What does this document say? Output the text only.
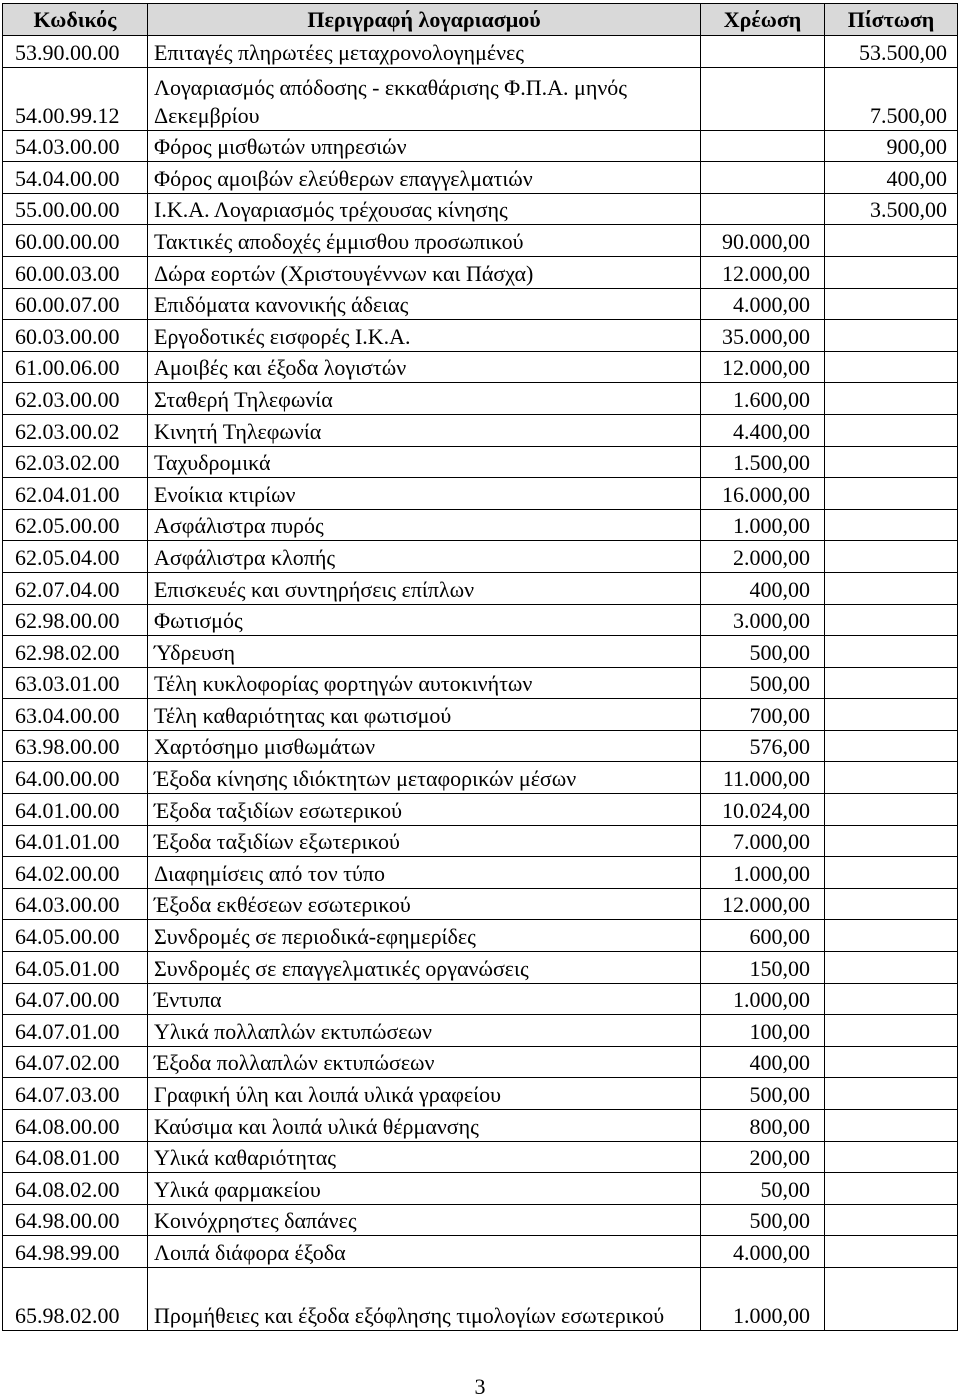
Κωδικός	Περιγραφή λογαριασμού	Χρέωση	Πίστωση
53.90.00.00	Επιταγές πληρωτέες μεταχρονολογημένες		53.500,00
54.00.99.12	Λογαριασμός απόδοσης - εκκαθάρισης Φ.Π.Α. μηνός Δεκεμβρίου		7.500,00
54.03.00.00	Φόρος μισθωτών υπηρεσιών		900,00
54.04.00.00	Φόρος αμοιβών ελεύθερων επαγγελματιών		400,00
55.00.00.00	Ι.Κ.Α. Λογαριασμός τρέχουσας κίνησης		3.500,00
60.00.00.00	Τακτικές αποδοχές έμμισθου προσωπικού	90.000,00	
60.00.03.00	Δώρα εορτών (Χριστουγέννων και Πάσχα)	12.000,00	
60.00.07.00	Επιδόματα κανονικής άδειας	4.000,00	
60.03.00.00	Εργοδοτικές εισφορές Ι.Κ.Α.	35.000,00	
61.00.06.00	Αμοιβές και έξοδα λογιστών	12.000,00	
62.03.00.00	Σταθερή Τηλεφωνία	1.600,00	
62.03.00.02	Κινητή Τηλεφωνία	4.400,00	
62.03.02.00	Ταχυδρομικά	1.500,00	
62.04.01.00	Ενοίκια κτιρίων	16.000,00	
62.05.00.00	Ασφάλιστρα πυρός	1.000,00	
62.05.04.00	Ασφάλιστρα κλοπής	2.000,00	
62.07.04.00	Επισκευές και συντηρήσεις επίπλων	400,00	
62.98.00.00	Φωτισμός	3.000,00	
62.98.02.00	Ύδρευση	500,00	
63.03.01.00	Τέλη κυκλοφορίας φορτηγών αυτοκινήτων	500,00	
63.04.00.00	Τέλη καθαριότητας και φωτισμού	700,00	
63.98.00.00	Χαρτόσημο μισθωμάτων	576,00	
64.00.00.00	Έξοδα κίνησης ιδιόκτητων μεταφορικών μέσων	11.000,00	
64.01.00.00	Έξοδα ταξιδίων εσωτερικού	10.024,00	
64.01.01.00	Έξοδα ταξιδίων εξωτερικού	7.000,00	
64.02.00.00	Διαφημίσεις από τον τύπο	1.000,00	
64.03.00.00	Έξοδα εκθέσεων εσωτερικού	12.000,00	
64.05.00.00	Συνδρομές σε περιοδικά-εφημερίδες	600,00	
64.05.01.00	Συνδρομές σε επαγγελματικές οργανώσεις	150,00	
64.07.00.00	Έντυπα	1.000,00	
64.07.01.00	Υλικά πολλαπλών εκτυπώσεων	100,00	
64.07.02.00	Έξοδα πολλαπλών εκτυπώσεων	400,00	
64.07.03.00	Γραφική ύλη και λοιπά υλικά γραφείου	500,00	
64.08.00.00	Καύσιμα και λοιπά υλικά θέρμανσης	800,00	
64.08.01.00	Υλικά καθαριότητας	200,00	
64.08.02.00	Υλικά φαρμακείου	50,00	
64.98.00.00	Κοινόχρηστες δαπάνες	500,00	
64.98.99.00	Λοιπά διάφορα έξοδα	4.000,00	
65.98.02.00	Προμήθειες και έξοδα εξόφλησης τιμολογίων εσωτερικού	1.000,00	
3
